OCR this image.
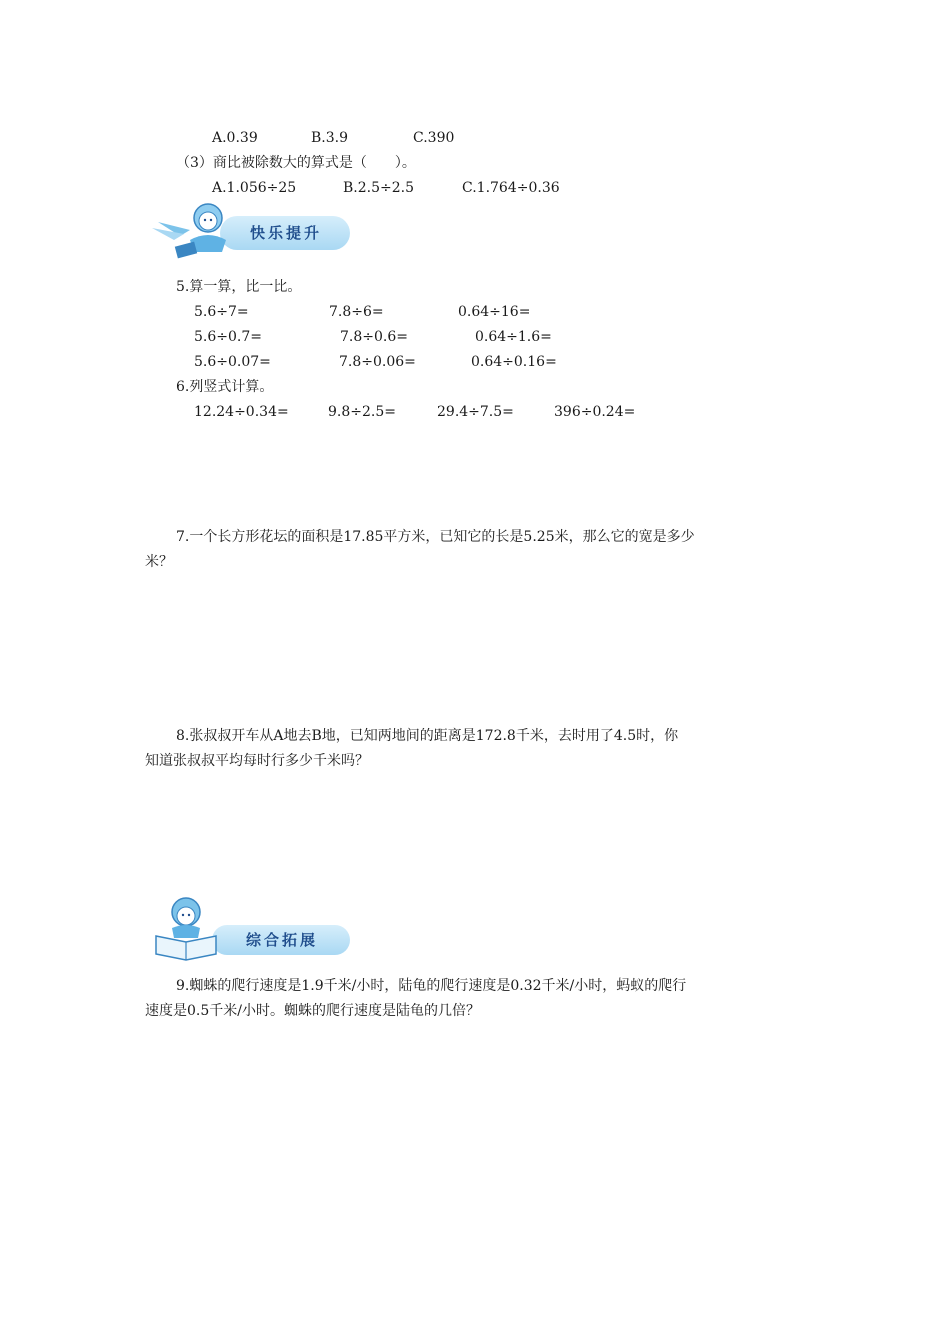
A.0.39	B.3.9	C.390
（3）商比被除数大的算式是（　　）。
A.1.056÷25	B.2.5÷2.5	C.1.764÷0.36
快乐提升
5.算一算，比一比。
5.6÷7=	7.8÷6=	0.64÷16=
5.6÷0.7=	7.8÷0.6=	0.64÷1.6=
5.6÷0.07=	7.8÷0.06=	0.64÷0.16=
6.列竖式计算。
12.24÷0.34=	9.8÷2.5=	29.4÷7.5=	396÷0.24=
7.一个长方形花坛的面积是17.85平方米，已知它的长是5.25米，那么它的宽是多少
米？
8.张叔叔开车从A地去B地，已知两地间的距离是172.8千米，去时用了4.5时，你
知道张叔叔平均每时行多少千米吗？
综合拓展
9.蜘蛛的爬行速度是1.9千米/小时，陆龟的爬行速度是0.32千米/小时，蚂蚁的爬行
速度是0.5千米/小时。蜘蛛的爬行速度是陆龟的几倍？
